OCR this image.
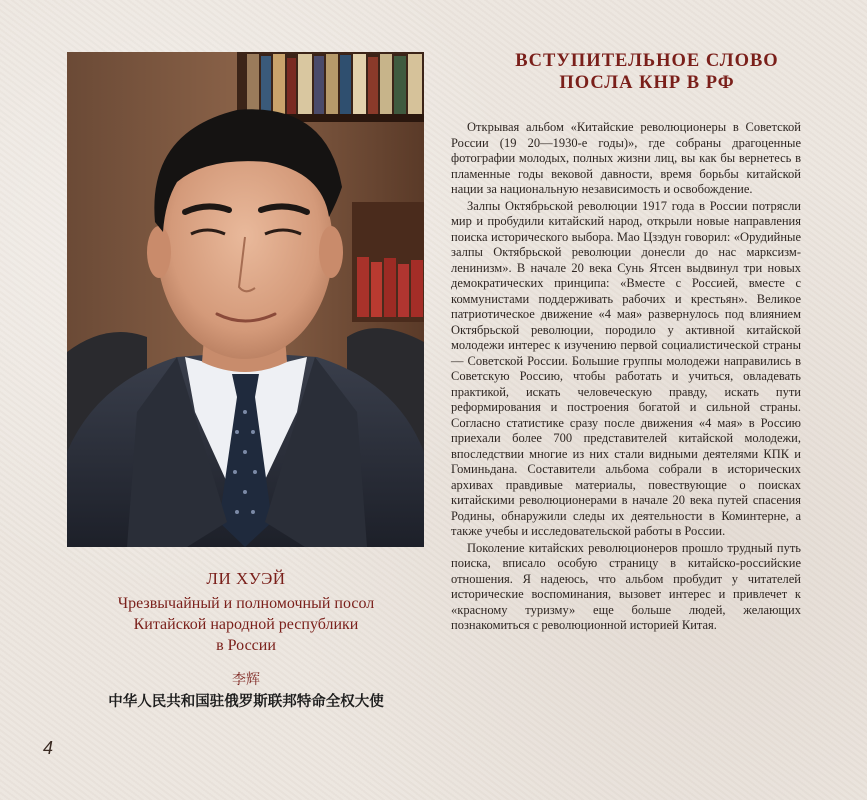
ЛИ ХУЭЙ
Чрезвычайный и полномочный посол
Китайской народной республики
в России
李辉
中华人民共和国驻俄罗斯联邦特命全权大使
4
ВСТУПИТЕЛЬНОЕ СЛОВО
ПОСЛА КНР В РФ

Открывая альбом «Китайские революционеры в Советской России (19 20—1930-е годы)», где собраны драгоценные фотографии молодых, полных жизни лиц, вы как бы вернетесь в пламенные годы вековой давности, время борьбы китайской нации за национальную независимость и освобождение.

Залпы Октябрьской революции 1917 года в России потрясли мир и пробудили китайский народ, открыли новые направления поиска исторического выбора. Мао Цзэдун говорил: «Орудийные залпы Октябрьской революции донесли до нас марксизм-ленинизм». В начале 20 века Сунь Ятсен выдвинул три новых демократических принципа: «Вместе с Россией, вместе с коммунистами поддерживать рабочих и крестьян». Великое патриотическое движение «4 мая» развернулось под влиянием Октябрьской революции, породило у активной китайской молодежи интерес к изучению первой социалистической страны — Советской России. Большие группы молодежи направились в Советскую Россию, чтобы работать и учиться, овладевать практикой, искать человеческую правду, искать пути реформирования и построения богатой и сильной страны. Согласно статистике сразу после движения «4 мая» в Россию приехали более 700 представителей китайской молодежи, впоследствии многие из них стали видными деятелями КПК и Гоминьдана. Составители альбома собрали в исторических архивах правдивые материалы, повествующие о поисках китайскими революционерами в начале 20 века путей спасения Родины, обнаружили следы их деятельности в Коминтерне, а также учебы и исследовательской работы в России.

Поколение китайских революционеров прошло трудный путь поиска, вписало особую страницу в китайско-российские отношения. Я надеюсь, что альбом пробудит у читателей исторические воспоминания, вызовет интерес и привлечет к «красному туризму» еще больше людей, желающих познакомиться с революционной историей Китая.
